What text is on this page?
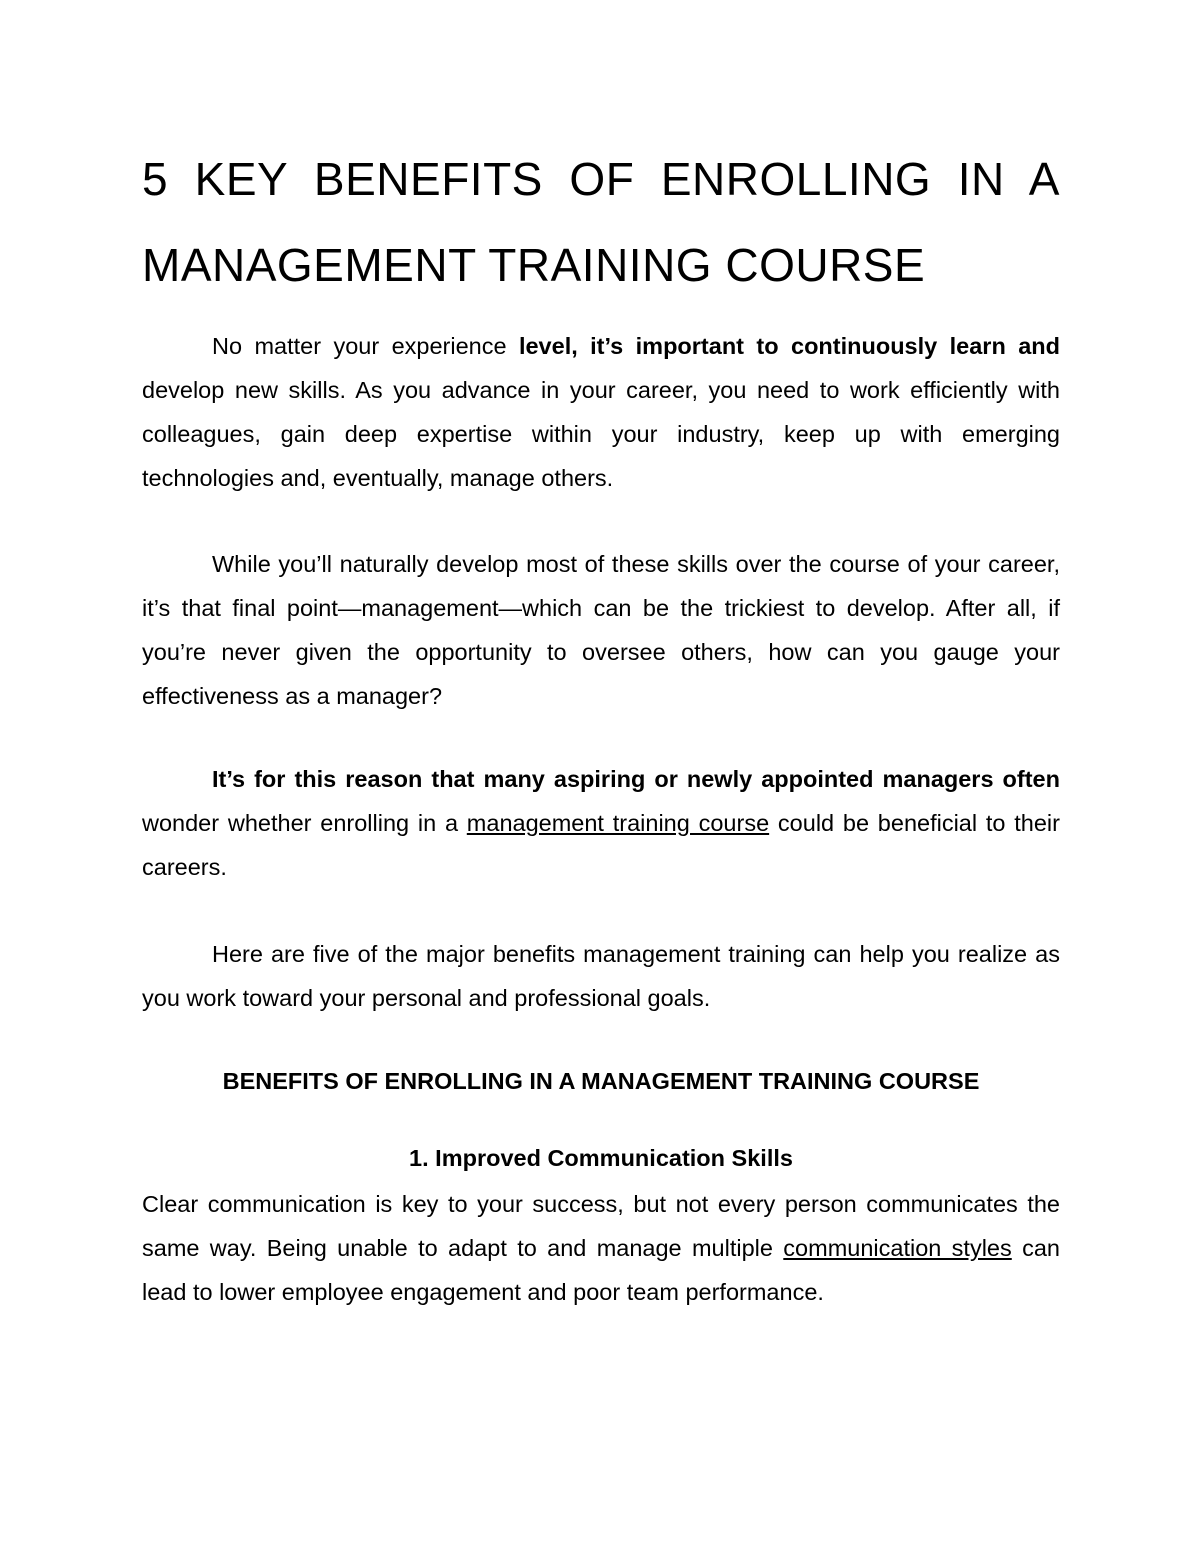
5 KEY BENEFITS OF ENROLLING IN A
MANAGEMENT TRAINING COURSE

No matter your experience level, it’s important to continuously learn and develop new skills. As you advance in your career, you need to work efficiently with colleagues, gain deep expertise within your industry, keep up with emerging technologies and, eventually, manage others.

While you’ll naturally develop most of these skills over the course of your career, it’s that final point—management—which can be the trickiest to develop. After all, if you’re never given the opportunity to oversee others, how can you gauge your effectiveness as a manager?

It’s for this reason that many aspiring or newly appointed managers often wonder whether enrolling in a management training course could be beneficial to their careers.

Here are five of the major benefits management training can help you realize as you work toward your personal and professional goals.

BENEFITS OF ENROLLING IN A MANAGEMENT TRAINING COURSE
1. Improved Communication Skills

Clear communication is key to your success, but not every person communicates the same way. Being unable to adapt to and manage multiple communication styles can lead to lower employee engagement and poor team performance.
